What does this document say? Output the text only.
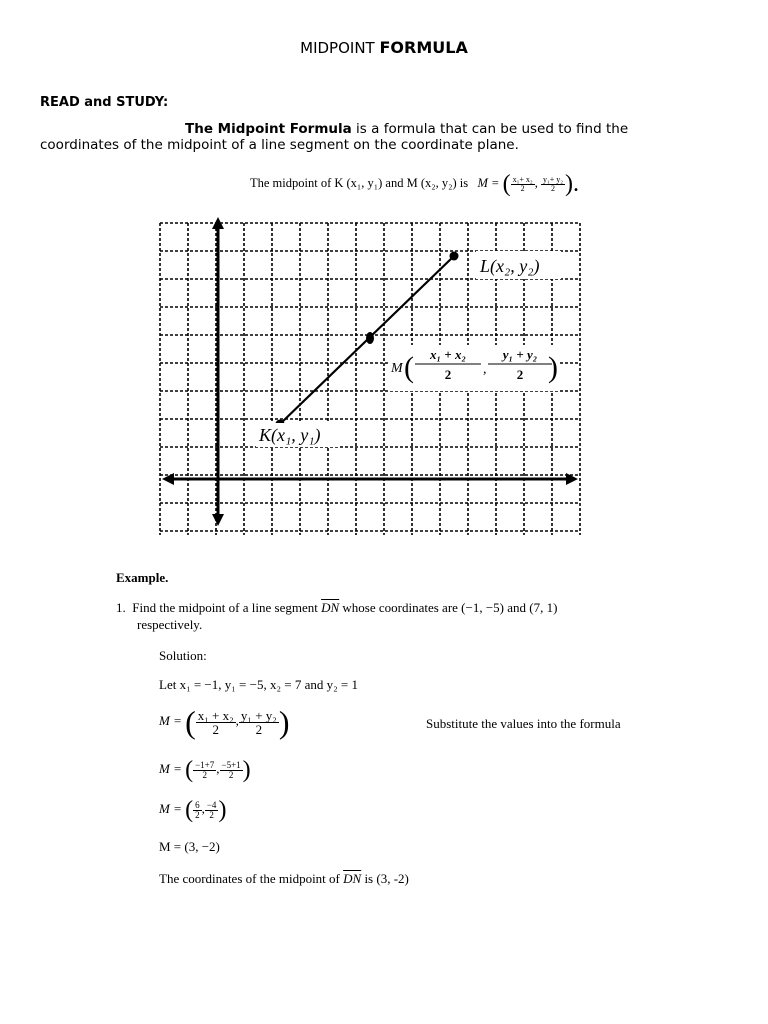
MIDPOINT FORMULA
READ and STUDY:
The Midpoint Formula is a formula that can be used to find the
coordinates of the midpoint of a line segment on the coordinate plane.
The midpoint of K (x₁, y₁) and M (x₂, y₂) is M = ( $\frac{\text{x₁+ x₂}}{2}$ , $\frac{\text{y₁+ y₂}}{2}$ ).
L(x₂, y₂)
M ( x₁ + x₂
2 ,
y₁ + y₂
2 )
K(x₁, y₁)
Example.
1. Find the midpoint of a line segment $\overline{DN}$ whose coordinates are (−1, −5) and (7, 1)
respectively.
Solution:
Let x₁ = −1, y₁ = −5, x₂ = 7 and y₂ = 1
M = ( $\frac{\text{x₁ + x₂}}{2}$ , $\frac{\text{y₁ + y₂}}{2}$ )	Substitute the values into the formula
M = ( $\frac{-1+7}{2}$ , $\frac{-5+1}{2}$ )
M = ( $\frac{6}{2}$ , $\frac{-4}{2}$ )
M = (3, −2)
The coordinates of the midpoint of $\overline{DN}$ is (3, -2)
